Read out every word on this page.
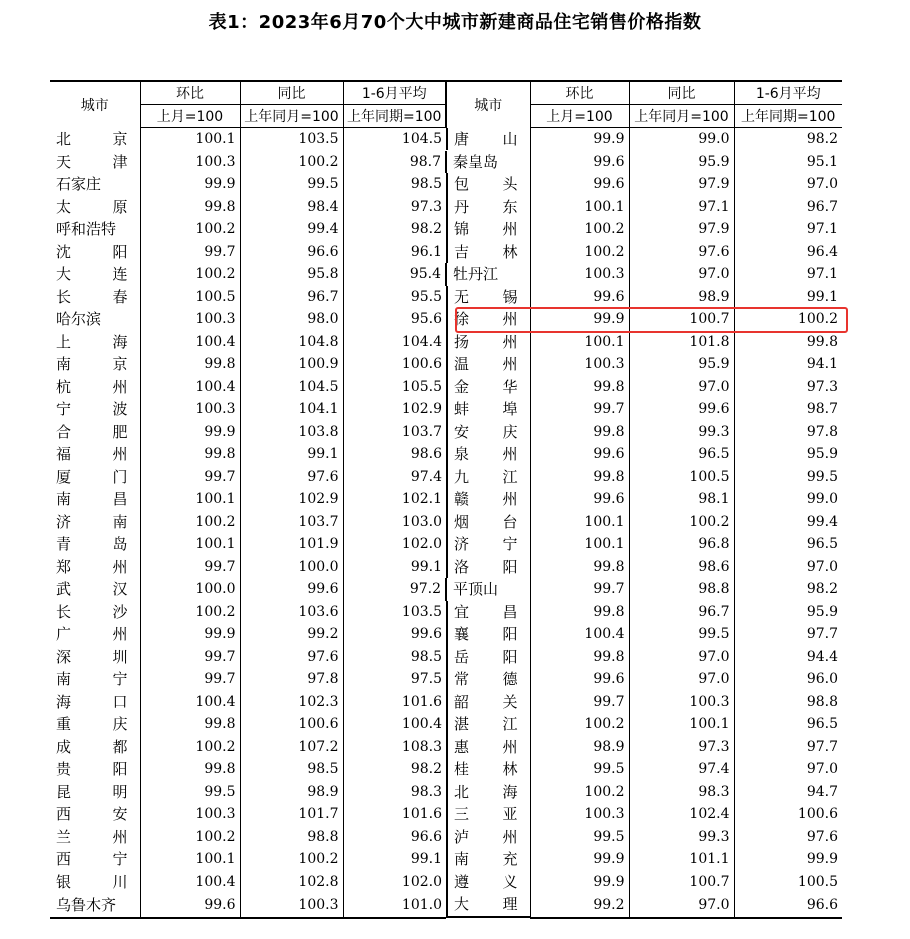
表1：2023年6月70个大中城市新建商品住宅销售价格指数
城市	环比	同比	1-6月平均	城市	环比	同比	1-6月平均
	上月=100	上年同月=100	上年同期=100		上月=100	上年同月=100	上年同期=100

北	京	100.1	103.5	104.5	唐 山	99.9	99.0	98.2

天	津	100.3	100.2	98.7	秦皇岛	99.6	95.9	95.1
石家庄	99.9	99.5	98.5	包 头	99.6	97.9	97.0

太	原	99.8	98.4	97.3	丹 东	100.1	97.1	96.7
呼和浩特	100.2	99.4	98.2	锦 州	100.2	97.9	97.1

沈	阳	99.7	96.6	96.1	吉 林	100.2	97.6	96.4

大	连	100.2	95.8	95.4	牡丹江	100.3	97.0	97.1

长	春	100.5	96.7	95.5	无 锡	99.6	98.9	99.1
哈尔滨	100.3	98.0	95.6	徐 州	99.9	100.7	100.2

上	海	100.4	104.8	104.4	扬 州	100.1	101.8	99.8

南	京	99.8	100.9	100.6	温 州	100.3	95.9	94.1

杭	州	100.4	104.5	105.5	金 华	99.8	97.0	97.3

宁	波	100.3	104.1	102.9	蚌 埠	99.7	99.6	98.7

合	肥	99.9	103.8	103.7	安 庆	99.8	99.3	97.8

福	州	99.8	99.1	98.6	泉 州	99.6	96.5	95.9

厦	门	99.7	97.6	97.4	九 江	99.8	100.5	99.5

南	昌	100.1	102.9	102.1	赣 州	99.6	98.1	99.0

济	南	100.2	103.7	103.0	烟 台	100.1	100.2	99.4

青	岛	100.1	101.9	102.0	济 宁	100.1	96.8	96.5

郑	州	99.7	100.0	99.1	洛 阳	99.8	98.6	97.0

武	汉	100.0	99.6	97.2	平顶山	99.7	98.8	98.2

长	沙	100.2	103.6	103.5	宜 昌	99.8	96.7	95.9

广	州	99.9	99.2	99.6	襄 阳	100.4	99.5	97.7

深	圳	99.7	97.6	98.5	岳 阳	99.8	97.0	94.4

南	宁	99.7	97.8	97.5	常 德	99.6	97.0	96.0

海	口	100.4	102.3	101.6	韶 关	99.7	100.3	98.8

重	庆	99.8	100.6	100.4	湛 江	100.2	100.1	96.5

成	都	100.2	107.2	108.3	惠 州	98.9	97.3	97.7

贵	阳	99.8	98.5	98.2	桂 林	99.5	97.4	97.0

昆	明	99.5	98.9	98.3	北 海	100.2	98.3	94.7

西	安	100.3	101.7	101.6	三 亚	100.3	102.4	100.6

兰	州	100.2	98.8	96.6	泸 州	99.5	99.3	97.6

西	宁	100.1	100.2	99.1	南 充	99.9	101.1	99.9

银	川	100.4	102.8	102.0	遵 义	99.9	100.7	100.5
乌鲁木齐	99.6	100.3	101.0	大 理	99.2	97.0	96.6
